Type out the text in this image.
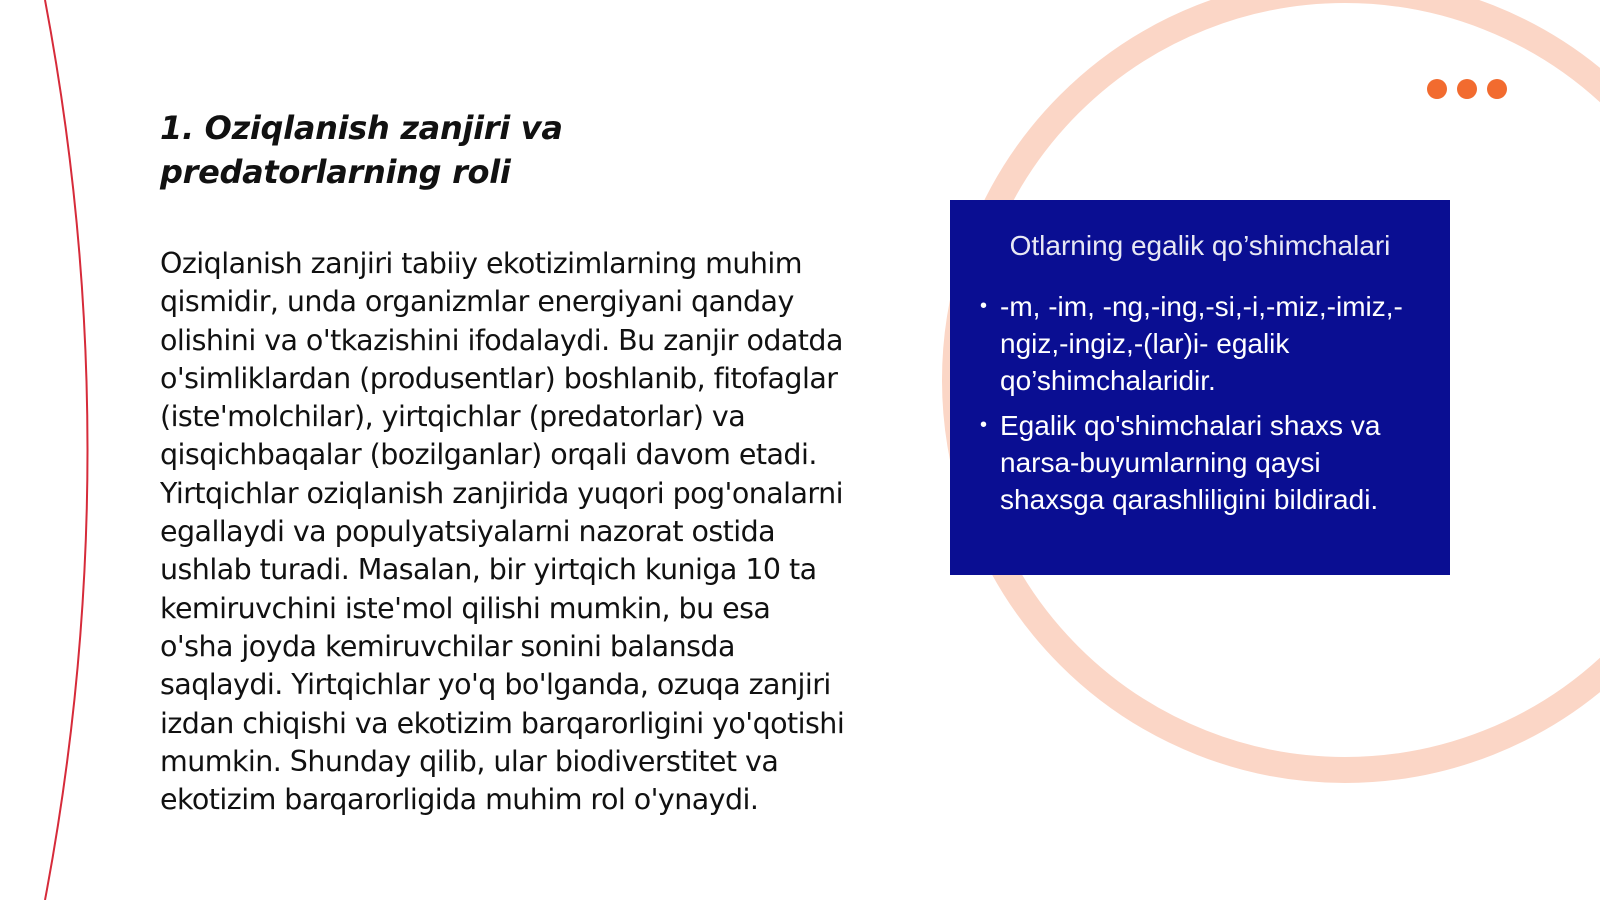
1. Oziqlanish zanjiri va predatorlarning roli

Oziqlanish zanjiri tabiiy ekotizimlarning muhim qismidir, unda organizmlar energiyani qanday olishini va o'tkazishini ifodalaydi. Bu zanjir odatda o'simliklardan (produsentlar) boshlanib, fitofaglar (iste'molchilar), yirtqichlar (predatorlar) va qisqichbaqalar (bozilganlar) orqali davom etadi. Yirtqichlar oziqlanish zanjirida yuqori pog'onalarni egallaydi va populyatsiyalarni nazorat ostida ushlab turadi. Masalan, bir yirtqich kuniga 10 ta kemiruvchini iste'mol qilishi mumkin, bu esa o'sha joyda kemiruvchilar sonini balansda saqlaydi. Yirtqichlar yo'q bo'lganda, ozuqa zanjiri izdan chiqishi va ekotizim barqarorligini yo'qotishi mumkin. Shunday qilib, ular biodiverstitet va ekotizim barqarorligida muhim rol o'ynaydi.

Otlarning egalik qo’shimchalari
• -m, -im, -ng,-ing,-si,-i,-miz,-imiz,-ngiz,-ingiz,-(lar)i- egalik qo’shimchalaridir.
• Egalik qo'shimchalari shaxs va narsa-buyumlarning qaysi shaxsga qarashliligini bildiradi.
